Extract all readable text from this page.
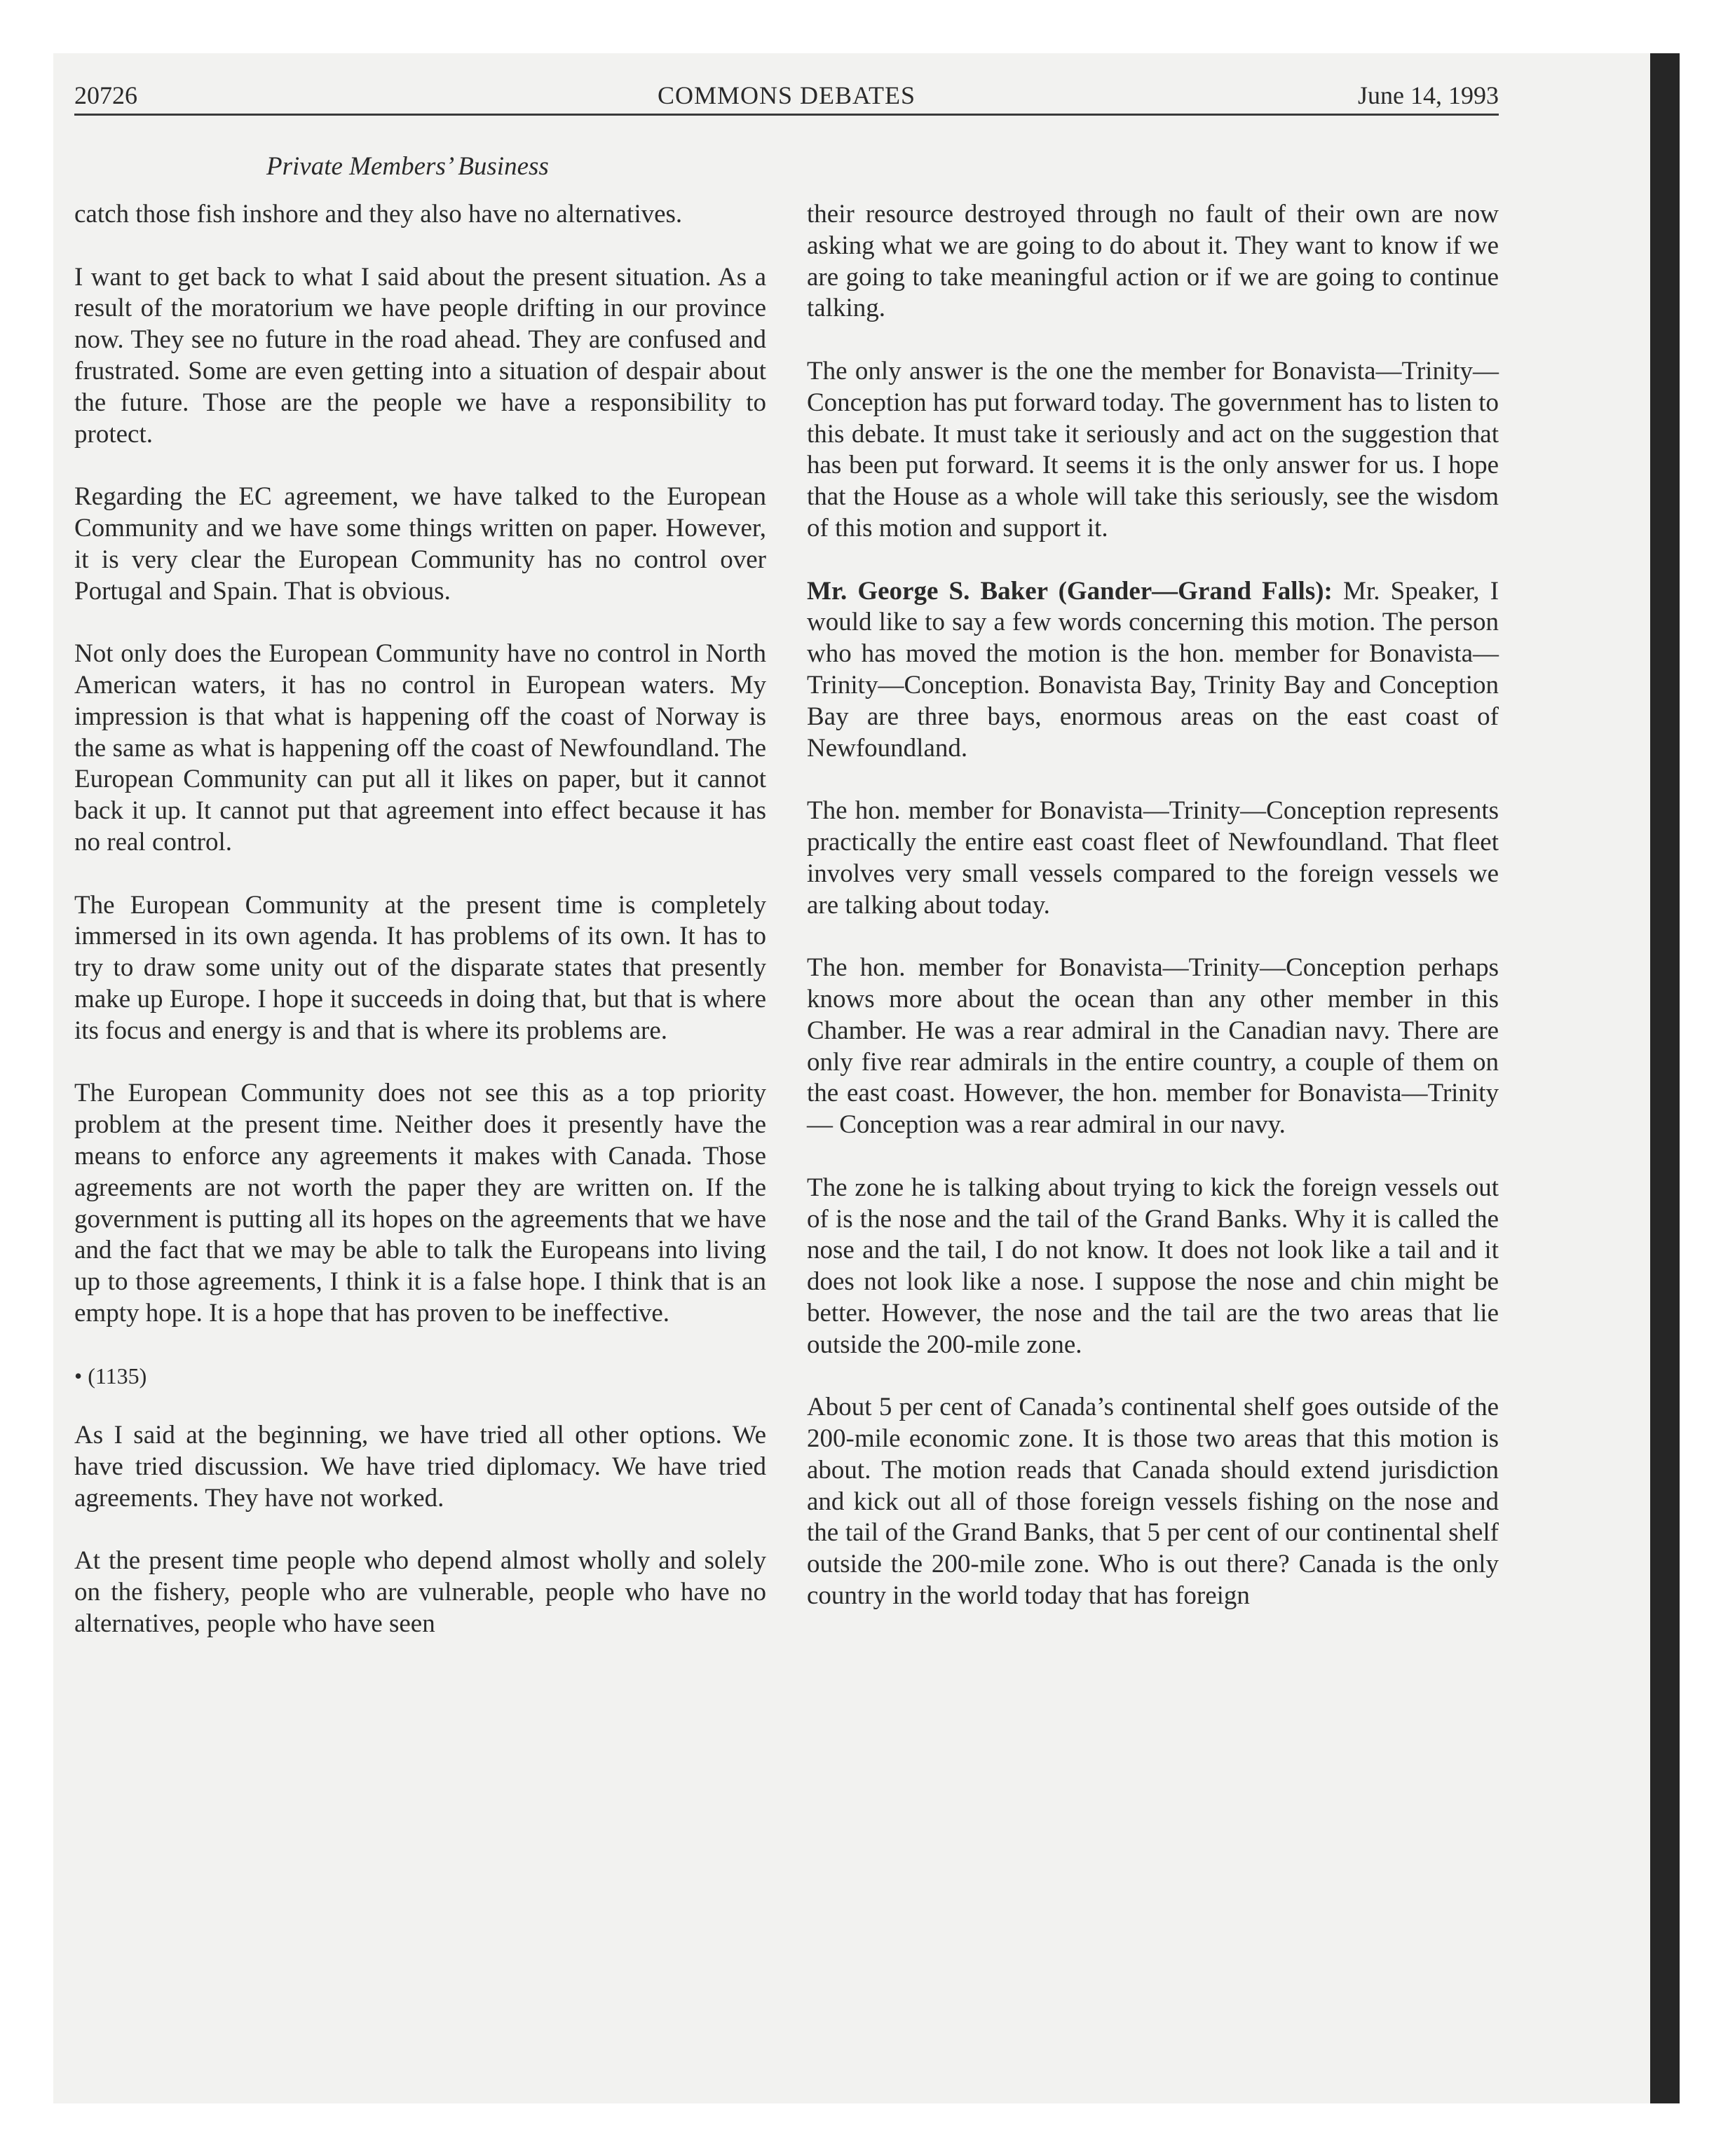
20726	COMMONS DEBATES	June 14, 1993
Private Members’ Business

catch those fish inshore and they also have no alternatives.

I want to get back to what I said about the present situation. As a result of the moratorium we have people drifting in our province now. They see no future in the road ahead. They are confused and frustrated. Some are even getting into a situation of despair about the future. Those are the people we have a responsibility to protect.

Regarding the EC agreement, we have talked to the European Community and we have some things written on paper. However, it is very clear the European Community has no control over Portugal and Spain. That is obvious.

Not only does the European Community have no control in North American waters, it has no control in European waters. My impression is that what is happening off the coast of Norway is the same as what is happening off the coast of Newfoundland. The European Community can put all it likes on paper, but it cannot back it up. It cannot put that agreement into effect because it has no real control.

The European Community at the present time is completely immersed in its own agenda. It has problems of its own. It has to try to draw some unity out of the disparate states that presently make up Europe. I hope it succeeds in doing that, but that is where its focus and energy is and that is where its problems are.

The European Community does not see this as a top priority problem at the present time. Neither does it presently have the means to enforce any agreements it makes with Canada. Those agreements are not worth the paper they are written on. If the government is putting all its hopes on the agreements that we have and the fact that we may be able to talk the Europeans into living up to those agreements, I think it is a false hope. I think that is an empty hope. It is a hope that has proven to be ineffective.

• (1135)

As I said at the beginning, we have tried all other options. We have tried discussion. We have tried diplomacy. We have tried agreements. They have not worked.

At the present time people who depend almost wholly and solely on the fishery, people who are vulnerable, people who have no alternatives, people who have seen

their resource destroyed through no fault of their own are now asking what we are going to do about it. They want to know if we are going to take meaningful action or if we are going to continue talking.

The only answer is the one the member for Bonavista—Trinity—Conception has put forward today. The government has to listen to this debate. It must take it seriously and act on the suggestion that has been put forward. It seems it is the only answer for us. I hope that the House as a whole will take this seriously, see the wisdom of this motion and support it.

Mr. George S. Baker (Gander—Grand Falls): Mr. Speaker, I would like to say a few words concerning this motion. The person who has moved the motion is the hon. member for Bonavista—Trinity—Conception. Bonavista Bay, Trinity Bay and Conception Bay are three bays, enormous areas on the east coast of Newfoundland.

The hon. member for Bonavista—Trinity—Conception represents practically the entire east coast fleet of Newfoundland. That fleet involves very small vessels compared to the foreign vessels we are talking about today.

The hon. member for Bonavista—Trinity—Conception perhaps knows more about the ocean than any other member in this Chamber. He was a rear admiral in the Canadian navy. There are only five rear admirals in the entire country, a couple of them on the east coast. However, the hon. member for Bonavista—Trinity— Conception was a rear admiral in our navy.

The zone he is talking about trying to kick the foreign vessels out of is the nose and the tail of the Grand Banks. Why it is called the nose and the tail, I do not know. It does not look like a tail and it does not look like a nose. I suppose the nose and chin might be better. However, the nose and the tail are the two areas that lie outside the 200-mile zone.

About 5 per cent of Canada’s continental shelf goes outside of the 200-mile economic zone. It is those two areas that this motion is about. The motion reads that Canada should extend jurisdiction and kick out all of those foreign vessels fishing on the nose and the tail of the Grand Banks, that 5 per cent of our continental shelf outside the 200-mile zone. Who is out there? Canada is the only country in the world today that has foreign
